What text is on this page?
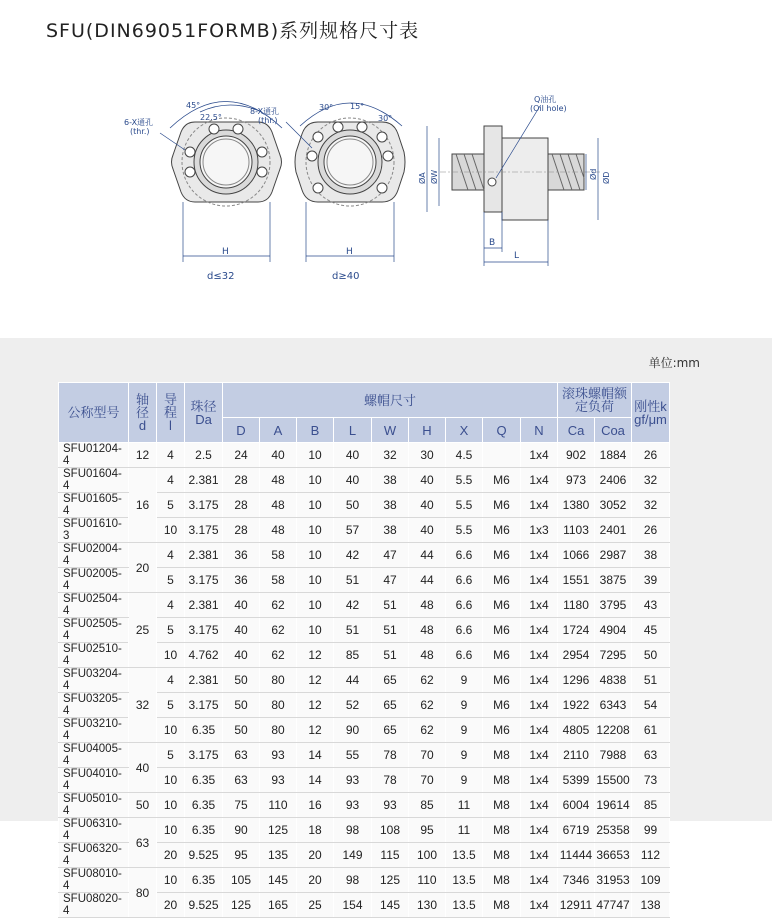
SFU(DIN69051FORMB)系列规格尺寸表
6-X通孔
(thr.)
45°
22.5°
H
d≤32
8-X通孔
(thr.)
30° 15°
30°
H
d≥40
Q油孔
(Oil hole)
ØA ØW	Ød ØD
B
L
单位:mm
公称型号	轴径d	导程l	珠径Da	螺帽尺寸									滚珠螺帽额定负荷		刚性kgf/μm
				D	A	B	L	W	H	X	Q	N	Ca	Coa	
SFU01204-4	12	4	2.5	24	40	10	40	32	30	4.5		1x4	902	1884	26
SFU01604-4	16	4	2.381	28	48	10	40	38	40	5.5	M6	1x4	973	2406	32
SFU01605-4		5	3.175	28	48	10	50	38	40	5.5	M6	1x4	1380	3052	32
SFU01610-3		10	3.175	28	48	10	57	38	40	5.5	M6	1x3	1103	2401	26
SFU02004-4	20	4	2.381	36	58	10	42	47	44	6.6	M6	1x4	1066	2987	38
SFU02005-4		5	3.175	36	58	10	51	47	44	6.6	M6	1x4	1551	3875	39
SFU02504-4	25	4	2.381	40	62	10	42	51	48	6.6	M6	1x4	1180	3795	43
SFU02505-4		5	3.175	40	62	10	51	51	48	6.6	M6	1x4	1724	4904	45
SFU02510-4		10	4.762	40	62	12	85	51	48	6.6	M6	1x4	2954	7295	50
SFU03204-4	32	4	2.381	50	80	12	44	65	62	9	M6	1x4	1296	4838	51
SFU03205-4		5	3.175	50	80	12	52	65	62	9	M6	1x4	1922	6343	54
SFU03210-4		10	6.35	50	80	12	90	65	62	9	M6	1x4	4805	12208	61
SFU04005-4	40	5	3.175	63	93	14	55	78	70	9	M8	1x4	2110	7988	63
SFU04010-4		10	6.35	63	93	14	93	78	70	9	M8	1x4	5399	15500	73
SFU05010-4	50	10	6.35	75	110	16	93	93	85	11	M8	1x4	6004	19614	85
SFU06310-4	63	10	6.35	90	125	18	98	108	95	11	M8	1x4	6719	25358	99
SFU06320-4		20	9.525	95	135	20	149	115	100	13.5	M8	1x4	11444	36653	112
SFU08010-4	80	10	6.35	105	145	20	98	125	110	13.5	M8	1x4	7346	31953	109
SFU08020-4		20	9.525	125	165	25	154	145	130	13.5	M8	1x4	12911	47747	138
